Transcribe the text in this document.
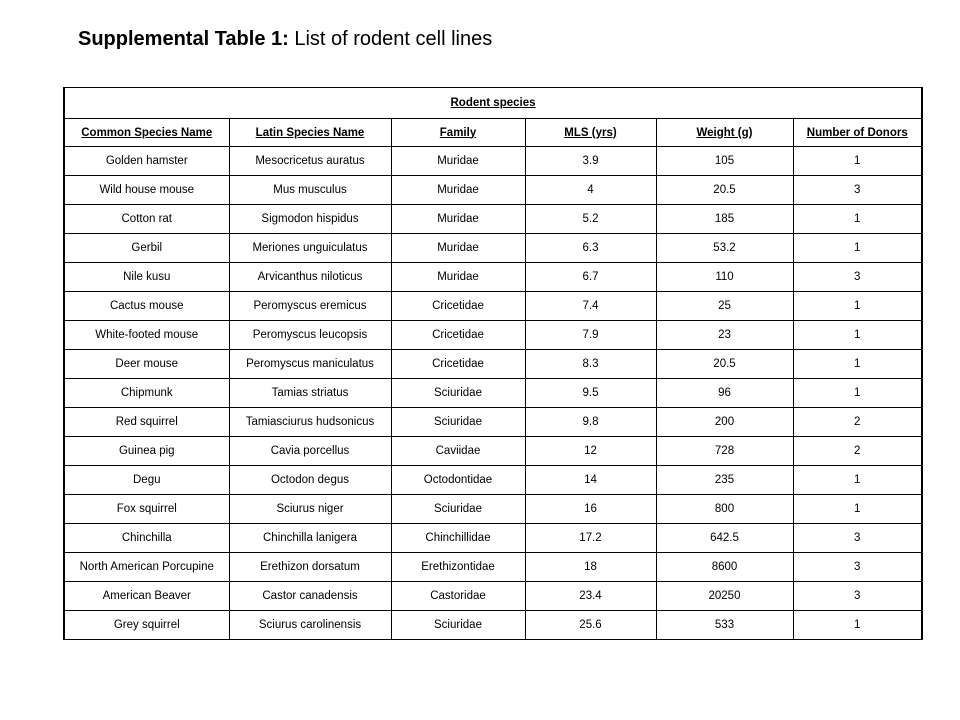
Supplemental Table 1: List of rodent cell lines
Rodent species					
Common Species Name	Latin Species Name	Family	MLS (yrs)	Weight (g)	Number of Donors
Golden hamster	Mesocricetus auratus	Muridae	3.9	105	1
Wild house mouse	Mus musculus	Muridae	4	20.5	3
Cotton rat	Sigmodon hispidus	Muridae	5.2	185	1
Gerbil	Meriones unguiculatus	Muridae	6.3	53.2	1
Nile kusu	Arvicanthus niloticus	Muridae	6.7	110	3
Cactus mouse	Peromyscus eremicus	Cricetidae	7.4	25	1
White-footed mouse	Peromyscus leucopsis	Cricetidae	7.9	23	1
Deer mouse	Peromyscus maniculatus	Cricetidae	8.3	20.5	1
Chipmunk	Tamias striatus	Sciuridae	9.5	96	1
Red squirrel	Tamiasciurus hudsonicus	Sciuridae	9.8	200	2
Guinea pig	Cavia porcellus	Caviidae	12	728	2
Degu	Octodon degus	Octodontidae	14	235	1
Fox squirrel	Sciurus niger	Sciuridae	16	800	1
Chinchilla	Chinchilla lanigera	Chinchillidae	17.2	642.5	3
North American Porcupine	Erethizon dorsatum	Erethizontidae	18	8600	3
American Beaver	Castor canadensis	Castoridae	23.4	20250	3
Grey squirrel	Sciurus carolinensis	Sciuridae	25.6	533	1
